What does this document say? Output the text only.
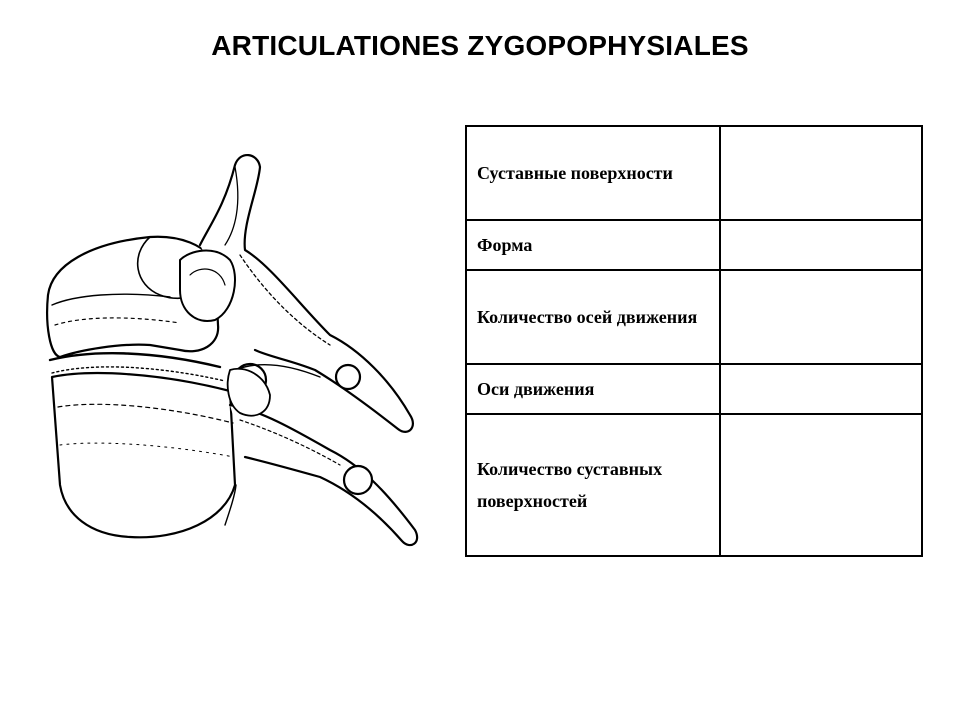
ARTICULATIONES ZYGOPOPHYSIALES
Суставные поверхности	
Форма	
Количество осей движения	
Оси движения	
Количество суставных поверхностей	
